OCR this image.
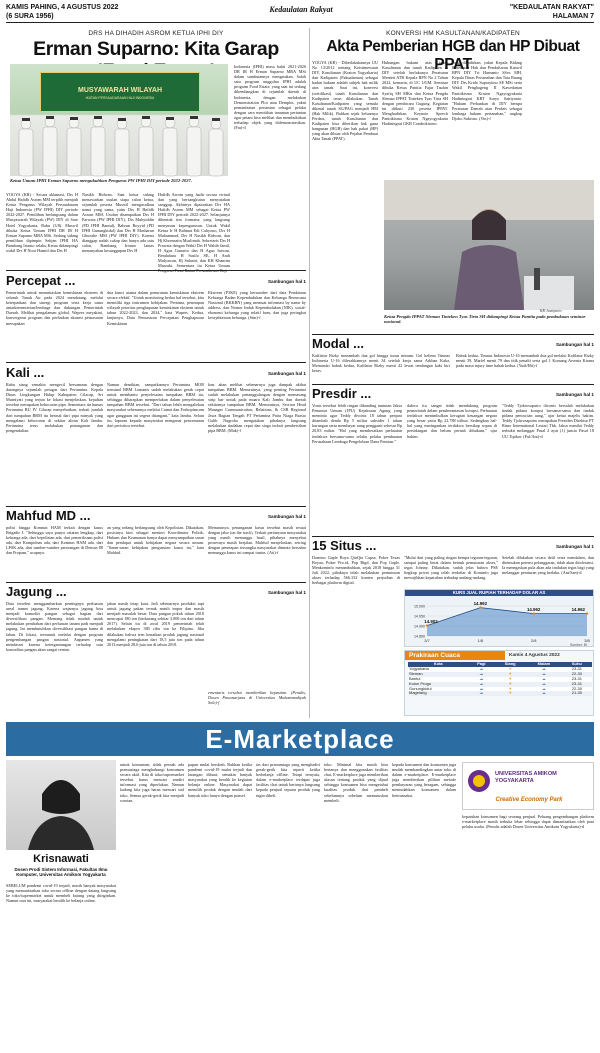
KAMIS PAHING, 4 AGUSTUS 2022
(6 SURA 1956)
Kedaulatan Rakyat	"KEDAULATAN RAKYAT"
HALAMAN 7
DRS HA DIHADIH ASROM KETUA IPHI DIY
Erman Suparno: Kita Garap
MUSYAWARAH WILAYAH
IKATAN PERSAUDARAAN HAJI INDONESIA
Ketua Umum IPHI Erman Suparno mengukuhkan Pengurus PW IPHI DIY periode 2022-2027.
YOGYA (KR) - Secara aklamasi, Drs H Abdul Hafidh Asrom MM terpilih menjadi Ketua Pengurus Wilayah Persaudaraan Haji Indonesia (PW IPHI) DIY periode 2022-2027. Pemilihan berlangsung dalam Musyawarah Wilayah (PW) DIY di Sare Hotel Yogyakarta, Rabu (3/8). Muswil dibuka Ketua Umum IPHI DR IR H Erman Suparno MBA MSi. Sedang sidang pemilihan dipimpin Sekjen IPHI HA Bambang Irianto selaku Ketua didampingi wakil Drs H Noor Hamid dan Drs H
Nasikh Ridwan. Saat ketua sidang menawarkan usulan siapa calon ketua, sejumlah peserta Muswil mengusulkan nama yang sama, yaitu Drs H Hafidh Asrom MM. Usulan disampaikan Drs H Parwata (PW IPHI DIY), Drs Muhyiddin (PD IPHI Bantul), Bahrun Royyid (PD IPHI Gunungkidul) dan Drs H Masharun Ghozalie MM (PW IPHI DIY). Karena dianggap sudah cukup dan hanya ada satu calon, Bambang Irianto lantas menanyakan kesanggupan Drs H
Hafidh Asrom yang hadir secara virtual dan yang bersangkutan menyatakan sanggup. Akhirnya diputuskan Drs HA Hafidh Asrom MM sebagai Ketua PW IPHI DIY periode 2022-2027. Selanjutnya dibentuk tim formatur yang langsung menyusun kepengurusan. Untuk Wakil Ketua Ir H Rahmat Edi Cahyono, Drs H Muhammad, Drs H Nasikh Ridwan, dan Hj Khomsatin Muslimah. Sekretaris Drs H Prawata dengan Wakil Drs H Wahib Jamil, H Agus Gunarto dan H Agus Irawan. Bendahara H Susilo SE, H Andi Mulyawan, Hj Sulastri, dan KH Khamim Marzuki. Sementara itu Ketua Umum Pengurus Pusat Ikatan Persaudaraan Haji
Indonesia (IPHI) masa bakti 2021-2026 DR IR H Erman Suparno MBA MSi dalam sambutannya mengatakan, Salah satu program unggulan IPHI adalah program Food Estate, yang saat ini sedang dikembangkan di sejumlah daerah di Indonesia, dengan melakukan Demonstration Plot atau Demplot, yakni pemanfaatan pertanian sebagai pelaku dengan cara menitikan tanaman pertanian agar petani bisa melihat dan membuktikan terhadap objek yang didemonstrasikan. (Fia)-d
KONVERSI HM KASULTANAN/KADIPATEN
Akta Pemberian HGB dan HP Dibuat PPAT
YOGYA (KR) - Diberlakukannya UU No 13/2012 tentang Keistimewaan DIY, Kasultanan (Kraton Yogyakarta) dan Kadipaten (Pakualaman) sebagai badan hukum adalah subjek hak milik atas tanah. Saat ini, konversi (sertifikasi) tanah Kasultanan dan Kadipaten terus dilakukan. Tanah Kasultanan/Kadipaten yang semula dikenal tanah SG/PAG menjadi HM (Hak Milik). Bahkan sejak keluarnya Perdais, tanah Kasultanan dan Kadipaten bisa diberikan hak guna bangunan (HGB) dan hak pakai (HP) yang akan dibuat oleh Pejabat Pembuat Akta Tanah (PPAT).
Hubungan hukum atas tanah Kasultanan dan tanah Kadipaten di DIY setelah berlakunya Peraturan Menteri ATR Kepala BPN No 2 Tahun 2022, kemarin, di UC UGM. Seminar dibuka Ketua Panitia Fajar Taufan Syafiq SH MKn dan Ketua Pengda Sleman IPPAT Tinteken Tyas Tirta SH dengan pembicara Gugung. Kegiatan ini diikuti 230 peserta IPPAT. Menghadirkan Keynote Speech Panitikismo Kraton Ngayogyakarta Hadiningrat GKR Condrokirono.
yang dihadirkan, yakni Kepala Bidang Penetapan Hak dan Pendaftaran Kanwil BPN DIY Tri Harnanto SSos MH, Kepala Dinas Pertanahan dan Tata Ruang DIY Drs Krido Suprayitno SE MSi serta Wakil Penghageng II Kawedanan Panitikismo Kraton Ngayogyakarta Hadiningrat KRT Suryo Satriyanto. "Hukum Perbankan di DIY berupa Peraturan Daerah atau Perdais sebagai lembaga hukum pertanahan," ungkap Djoko Sukisno. (Vin)-f
Ketua Pengda IPPAT Sleman Tinteken Tyas Tirta SH didampingi Ketua Panitia pada pembukaan seminar nasional.
KR-Jumiyarto
Percepat ...	Sambungan hal 1
Pemerintah untuk menuntaskan kemiskinan ekstrem di seluruh Tanah Air pada 2024 mendatang, melalui keterpaduan dan sinergi program serta kerja sama antarkementerian/lembaga dan dukungan Pemerintah Daerah. Melihat pengalaman global, Wapres meyakini, konvergensi program dan perbaikan akurasi pensasaran merupakan
dua kunci utama dalam penurunan kemiskinan ekstrem secara efektif. "Untuk monitoring kedua hal tersebut, kita memiliki tiga instrumen kebijakan. Pertama, penetapan wilayah prioritas penghapusan kemiskinan ekstrem untuk tahun 2022-2023, dan 2024," kata Wapres. Kedua, lanjutnya, Data Pensasaran Percepatan Penghapusan Kemiskinan
Ekstrem (P3KE) yang bersumber dari data Pendataan Keluarga Badan Kependudukan dan Keluarga Berencana Nasional (BKKBN) yang memuat informasi by name by address, dan Nomor Induk Kependudukan (NIK), sosial-ekonomi keluarga yang relatif baru, dan juga peringkat kesejahteraan keluarga. (Sim)-f
Kali ...	Sambungan hal 1
Rabu siang semakin mengecil bersamaan dengan datangnya sejumlah petugas dari Pertamina. Kepala Dinas Lingkungan Hidup Kabupaten Cilacap, Sri Murniyati yang terjun ke lokasi menjelaskan, kejadian tersebut merupakan kebocoran pipa. Sementara itu humas Pertamina RU IV Cilacap menyebutkan, terkait jumlah dari tumpahan BBM itu berasal dari pipa minyak yang mengalami kebocoran di sekitar aliran Kali Jambu. Pertamina terus melakukan penanganan dan pengendalian.
Namun demikian, sampaikannya Pertamina MOR terminal BBM Lomanis sudah melakukan gerak cepat untuk membantu penyelesaian tumpahan BBM itu, sehingga diharapkan memperlukan dalam penyelesaian tumpahan BBM tersebut. "Dari tahun lebih mengalirkan masyarakat sebenarnya melalui Camat dan Forkopimcam agar gangguan ini segera ditangani," kata Jambu. Selain itu, laporan kepada masyarakat mengenai pencemaran dari peristiwa tersebut.
kan, akan melihat sebenarnya juga dampak akibat tumpahan BBM. Menurutnya, yang penting Pertamina sudah melakukan penanggulangan dengan memasang strip bar untuk pada muara Kali Jambu dan daerah sekitarnya tumpahan BBM. Menurutnya, Section Head Manager Communication, Relations, & CSR Regional Jawa Bagian Tengah PT Pertamina Patra Niaga Brasto Galih Nugroho mengatakan pihaknya langsung melakukan tindakan cepat dan siaga terkait pembersihan pipa BBM. (Mak)-f
Mahfud MD ...	Sambungan hal 1
polisi hingga Komnas HAM terkait dengan kasus Brigadir J. "Sehingga saya punya catatan lengkap, dari keluarga ada, dari kepolisian ada, dari pemeriksaan polisi ada, dari Kompolnas ada, dari Komnas HAM ada, dari LPSK ada, dari sumber-sumber perorangan di Densus 88 dan Propam," ucapnya.
an yang sedang berlangsung oleh Kepolisian. Dikatakan, posisinya kini sebagai menteri Koordinator Politik, Hukum dan Keamanan hanya dapat menyampaikan saran dan pendapat untuk kebijakan negara secara umum. "Saran-saran kebijakan pengusutan kasus ini," kata Mahfud.
Menurutnya, penanganan kasus tersebut masih sesuai dengan jalur (on the track). Terkait pertanyaan masyarakat yang masih menunggu hasil, pihaknya menyebut prosesnya masih berjalan. Mahfud menjelaskan, seiring dengan penetapan tersangka masyarakat diminta bersabar menunggu kasus ini sampai tuntas. (Ati)-f
Jagung ...	Sambungan hal 1
Data tersebut menggambarkan pentingnya perluasan areal tanam jagung. Karena wajarnya jagung bisa menjadi komoditi pangan sebagai bagian dari diversifikasi pangan. Memang tidak mudah untuk melakukan perubahan dari perluasan tanam padi menjadi jagung. Ini membutuhkan diversifikasi pangan hama di lahan. Di lokasi, termasuk melalui dengan program pengembangan pangan nasional. Argumen yang mendasari karena ketergantungan terhadap satu komoditas pangan akan sangat rentan.
jakan masih tetap kuat. Jadi sebenarnya produksi tapi untuk jagung pakan ternak masih impor dan masih menjadi masalah besar. Data pangan pokok tahun 2018 mencapai 180 ton (berkurang sekitar 3.000 ton dari tahun 2017). Selain itu di awal 2019 pemerintah telah melakukan ekspor 380 ribu ton ke Filipina. Jika dilakukan bahwa tren kenaikan produk jagung nasional mengalami peningkatan dari 18,5 juta ton pada tahun 2013 menjadi 28,6 juta ton di tahun 2018.
ementaris tersebut memberikan kepastian. (Penulis, Dosen Pascasarjana di Universitas Muhammadiyah Solo)-f
Modal ...	Sambungan hal 1
Kafilatur Rizky menambah dua gol hingga turun minum. Gol kelima Timnas Indonesia U-16 dilesakkannya menit 34 setelah kerja sama Arkhan Kaka. Memasuki babak kedua, Kafilatur Rizky menit 42 lewat tendangan kaki kiri keras.
Babak kedua, Timnas Indonesia U-16 menambah dua gol melalui Kafilatur Rizky menit 59, Marfel menit 79 dan titik penalti serta gol 1 Komang Arsenia Kirana pada masa injury time babak kedua. (Yudi/Hit)-f
Presdir ...	Sambungan hal 1
Vonis tersebut lebih ringan dibanding tuntutan Jaksa Penuntut Umum (JPU) Kejaksaan Agung yang meminta agar Teddy divonis 18 tahun penjara ditambah denda Rp 5 miliar subsider 1 tahun kurungan serta membayar uang pengganti sebesar Rp 20,83 miliar. "Hal yang memberatkan perbuatan terdakwa bersama-sama selaku pelaku pembuatan Perusahaan Lembaga Pengelolaan Dana Pensiun."
dakwa itu sangat tidak mendukung program pemerintah dalam pemberantasan korupsi. Perbuatan terdakwa menimbulkan kerugian keuangan negara yang besar yaitu Rp 22,788 triliun. Sedangkan hal-hal yang meringankan terdakwa bersikap sopan di persidangan dan belum pernah dihukum," ujar hakim.
"Teddy Tjokrosaputro divonis bersalah melakukan tindak pidana korupsi bersama-sama dan tindak pidana pencucian uang," ujar ketua majelis hakim. Teddy Tjokrosaputro merupakan Presiden Direktur PT Rimo International Lestari Tbk. Jaksa menilai Teddy terbukti melanggar Pasal 2 ayat (1) juncto Pasal 18 UU Tipikor. (Ful/Ant)-d
15 Situs ...	Sambungan hal 1
Domino Gaple Boya QiuQiu Capsa, Poker Texas Boyaa, Poker Pro.id, Pop Bigd, dan Pop Gaple. Menkominfo menambahkan, sejak 2018 hingga 31 Juli 2022, pihaknya telah melakukan pemutusan akses terhadap 566.332 konten perjudian di berbagai platform digital.
"Mulai dari yang paling ringan berupa teguran-teguran, sampai paling berat dalam bentuk pemutusan akses," tegas Johnny. Dikatakan, sudah jelas bahwa PSE lingkup privat yang telah terdaftar di Kominfo juga mewajibkan kepatuhan terhadap undang-undang.
Setelah dilakukan secara detil serta mendalam, dan ditemukan potensi pelanggaran, tidak akan ditoleransi. Ia menegaskan pula akan ada tindakan tegas bagi yang melanggar peraturan yang berlaku. (Ant/San)-d
KURS JUAL RUPIAH TERHADAP DOLAR AS
15.000
14.950
14.900
14.850
14.902
3/7
14.992
1/8
14.962
2/8
14.962
3/8
Sumber: BI
Prakiraan Cuaca	Kamis 4 Agustus 2022
Kota	Pagi	Siang	Malam	Suhu
Yogyakarta	☁	☀	☁	23-31
Sleman	☁	☀	☁	22-30
Bantul	☁	☀	☁	23-31
Kulon Progo	☁	☀	☁	23-31
Gunungkidul	☁	☀	☁	22-30
Magelang	☁	☀	☁	21-30
E-Marketplace
Krisnawati
Dosen Prodi Sistem Informasi, Fakultas Ilmu Komputer, Universitas Amikom Yogyakarta
SEBELUM pandemi covid-19 terjadi, masih banyak masyarakat yang memanfaatkan toko secara offline dengan datang langsung ke toko/supermarket untuk membeli barang yang diinginkan. Namun saat ini, masyarakat beralih ke belanja online.
untuk konsumen, tidak pernah ada pramusiaga menghubungi konsumen secara aktif. Kita di toko/supermarket tersebut harus mencari sendiri informasi yang diperlukan. Namun kadang kita juga harus mencari staf toko. Semua gerak-gerik kita menjadi sorotan.
papun mulai berubah. Bahkan ketika pandemi covid-19 mulai terjadi dan larangan dibuat, semakin banyak masyarakat yang beralih ke kegiatan belanja online. Masyarakat dapat memilih produk dengan mudah dari banyak toko hanya dengan ponsel.
tas dari pramuniaga yang menghadiri gerak-gerik kita seperti ketika berbelanja offline. Tetapi ternyata, dalam e-marketplace terdapat juga fasilitas chat untuk bertanya langsung kepada penjual seputar produk yang ingin dibeli.
toko. Minimal kita masih bisa bertanya dan menggunakan fasilitas chat. E-marketplace juga memberikan ulasan tentang produk yang dijual sehingga konsumen bisa mengetahui kualitas produk dari pembeli sebelumnya sebelum memutuskan membeli.
kepada konsumen dan konsumen juga mudah membandingkan antar toko di dalam e-marketplace. E-marketplace juga memberikan pilihan metode pembayaran yang beragam, sehingga memudahkan konsumen dalam bertransaksi.
UNIVERSITAS AMIKOM YOGYAKARTA
Creative Economy Park
kepatuhan konsumen bagi seorang penjual. Peluang pengembangan platform e-marketplace masih terbuka lebar sehingga dapat dimanfaatkan oleh para pelaku usaha. (Penulis adalah Dosen Universitas Amikom Yogyakarta)-d
